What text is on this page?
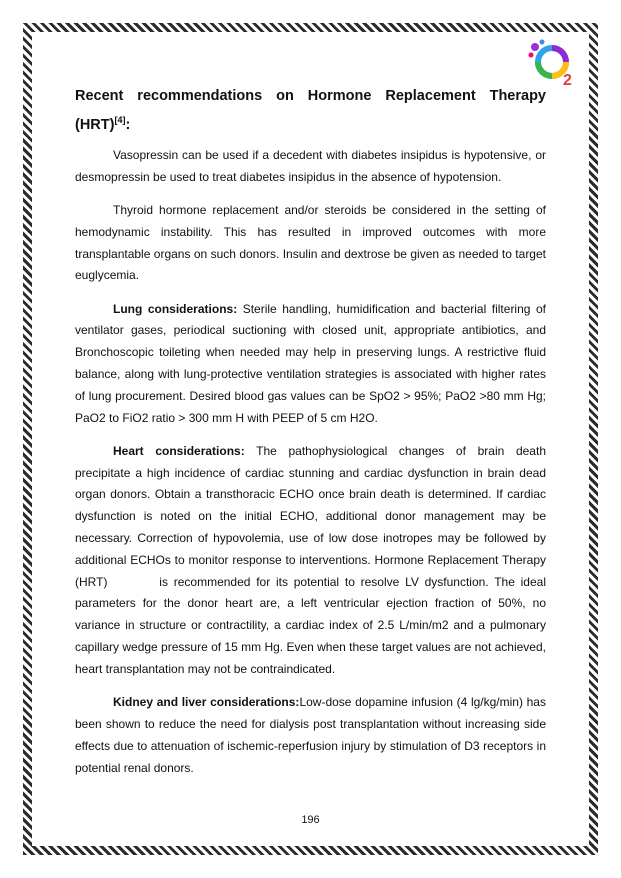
2
Recent recommendations on Hormone Replacement Therapy
(HRT)[4]:

Vasopressin can be used if a decedent with diabetes insipidus is hypotensive, or desmopressin be used to treat diabetes insipidus in the absence of hypotension.

Thyroid hormone replacement and/or steroids be considered in the setting of hemodynamic instability. This has resulted in improved outcomes with more transplantable organs on such donors. Insulin and dextrose be given as needed to target euglycemia.

Lung considerations: Sterile handling, humidification and bacterial filtering of ventilator gases, periodical suctioning with closed unit, appropriate antibiotics, and Bronchoscopic toileting when needed may help in preserving lungs. A restrictive fluid balance, along with lung-protective ventilation strategies is associated with higher rates of lung procurement. Desired blood gas values can be SpO2 > 95%; PaO2 >80 mm Hg; PaO2 to FiO2 ratio > 300 mm H with PEEP of 5 cm H2O.

Heart considerations: The pathophysiological changes of brain death precipitate a high incidence of cardiac stunning and cardiac dysfunction in brain dead organ donors. Obtain a transthoracic ECHO once brain death is determined. If cardiac dysfunction is noted on the initial ECHO, additional donor management may be necessary. Correction of hypovolemia, use of low dose inotropes may be followed by additional ECHOs to monitor response to interventions. Hormone Replacement Therapy (HRT)         is recommended for its potential to resolve LV dysfunction. The ideal parameters for the donor heart are, a left ventricular ejection fraction of 50%, no variance in structure or contractility, a cardiac index of 2.5 L/min/m2 and a pulmonary capillary wedge pressure of 15 mm Hg. Even when these target values are not achieved, heart transplantation may not be contraindicated.

Kidney and liver considerations:Low-dose dopamine infusion (4 lg/kg/min) has been shown to reduce the need for dialysis post transplantation without increasing side effects due to attenuation of ischemic-reperfusion injury by stimulation of D3 receptors in potential renal donors.

196
